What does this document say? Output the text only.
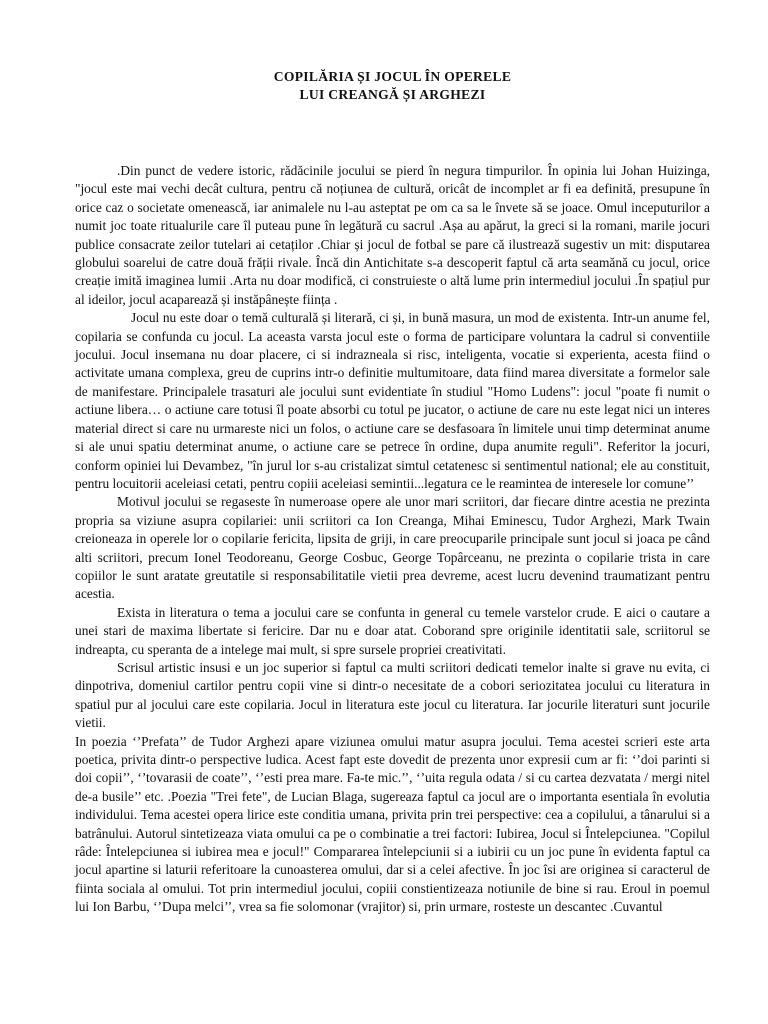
COPILĂRIA ȘI JOCUL ÎN OPERELE
LUI CREANGĂ ȘI ARGHEZI

.Din punct de vedere istoric, rădăcinile jocului se pierd în negura timpurilor. În opinia lui Johan Huizinga, "jocul este mai vechi decât cultura, pentru că noțiunea de cultură, oricât de incomplet ar fi ea definită, presupune în orice caz o societate omenească, iar animalele nu l-au asteptat pe om ca sa le învete să se joace. Omul inceputurilor a numit joc toate ritualurile care îl puteau pune în legătură cu sacrul .Așa au apărut, la greci si la romani, marile jocuri publice consacrate zeilor tutelari ai cetaților .Chiar și jocul de fotbal se pare că ilustrează sugestiv un mit: disputarea globului soarelui de catre două frății rivale. Încă din Antichitate s-a descoperit faptul că arta seamănă cu jocul, orice creație imită imaginea lumii .Arta nu doar modifică, ci construieste o altă lume prin intermediul jocului .În spațiul pur al ideilor, jocul acaparează și instăpânește ființa .

Jocul nu este doar o temă culturală și literară, ci și, in bună masura, un mod de existenta. Intr-un anume fel, copilaria se confunda cu jocul. La aceasta varsta jocul este o forma de participare voluntara la cadrul si conventiile jocului. Jocul insemana nu doar placere, ci si indrazneala si risc, inteligenta, vocatie si experienta, acesta fiind o activitate umana complexa, greu de cuprins intr-o definitie multumitoare, data fiind marea diversitate a formelor sale de manifestare. Principalele trasaturi ale jocului sunt evidentiate în studiul "Homo Ludens": jocul "poate fi numit o actiune libera… o actiune care totusi îl poate absorbi cu totul pe jucator, o actiune de care nu este legat nici un interes material direct si care nu urmareste nici un folos, o actiune care se desfasoara în limitele unui timp determinat anume si ale unui spatiu determinat anume, o actiune care se petrece în ordine, dupa anumite reguli". Referitor la jocuri, conform opiniei lui Devambez, "în jurul lor s-au cristalizat simtul cetatenesc si sentimentul national; ele au constituit, pentru locuitorii aceleiasi cetati, pentru copiii aceleiasi semintii...legatura ce le reamintea de interesele lor comune’’

Motivul jocului se regaseste în numeroase opere ale unor mari scriitori, dar fiecare dintre acestia ne prezinta propria sa viziune asupra copilariei: unii scriitori ca Ion Creanga, Mihai Eminescu, Tudor Arghezi, Mark Twain creioneaza in operele lor o copilarie fericita, lipsita de griji, in care preocuparile principale sunt jocul si joaca pe când alti scriitori, precum Ionel Teodoreanu, George Cosbuc, George Topârceanu, ne prezinta o copilarie trista in care copiilor le sunt aratate greutatile si responsabilitatile vietii prea devreme, acest lucru devenind traumatizant pentru acestia.

Exista in literatura o tema a jocului care se confunta in general cu temele varstelor crude. E aici o cautare a unei stari de maxima libertate si fericire. Dar nu e doar atat. Coborand spre originile identitatii sale, scriitorul se indreapta, cu speranta de a intelege mai mult, si spre sursele propriei creativitati.

Scrisul artistic insusi e un joc superior si faptul ca multi scriitori dedicati temelor inalte si grave nu evita, ci dinpotriva, domeniul cartilor pentru copii vine si dintr-o necesitate de a cobori seriozitatea jocului cu literatura in spatiul pur al jocului care este copilaria. Jocul in literatura este jocul cu literatura. Iar jocurile literaturi sunt jocurile vietii.

In poezia ‘’Prefata’’ de Tudor Arghezi apare viziunea omului matur asupra jocului. Tema acestei scrieri este arta poetica, privita dintr-o perspective ludica. Acest fapt este dovedit de prezenta unor expresii cum ar fi: ‘’doi parinti si doi copii’’, ‘’tovarasii de coate’’, ‘’esti prea mare. Fa-te mic.’’, ‘’uita regula odata / si cu cartea dezvatata / mergi nitel de-a busile’’ etc. .Poezia "Trei fete", de Lucian Blaga, sugereaza faptul ca jocul are o importanta esentiala în evolutia individului. Tema acestei opera lirice este conditia umana, privita prin trei perspective: cea a copilului, a tânarului si a batrânului. Autorul sintetizeaza viata omului ca pe o combinatie a trei factori: Iubirea, Jocul si Întelepciunea. "Copilul râde: Întelepciunea si iubirea mea e jocul!" Compararea întelepciunii si a iubirii cu un joc pune în evidenta faptul ca jocul apartine si laturii referitoare la cunoasterea omului, dar si a celei afective. În joc îsi are originea si caracterul de fiinta sociala al omului. Tot prin intermediul jocului, copiii constientizeaza notiunile de bine si rau. Eroul in poemul lui Ion Barbu, ‘’Dupa melci’’, vrea sa fie solomonar (vrajitor) si, prin urmare, rosteste un descantec .Cuvantul
